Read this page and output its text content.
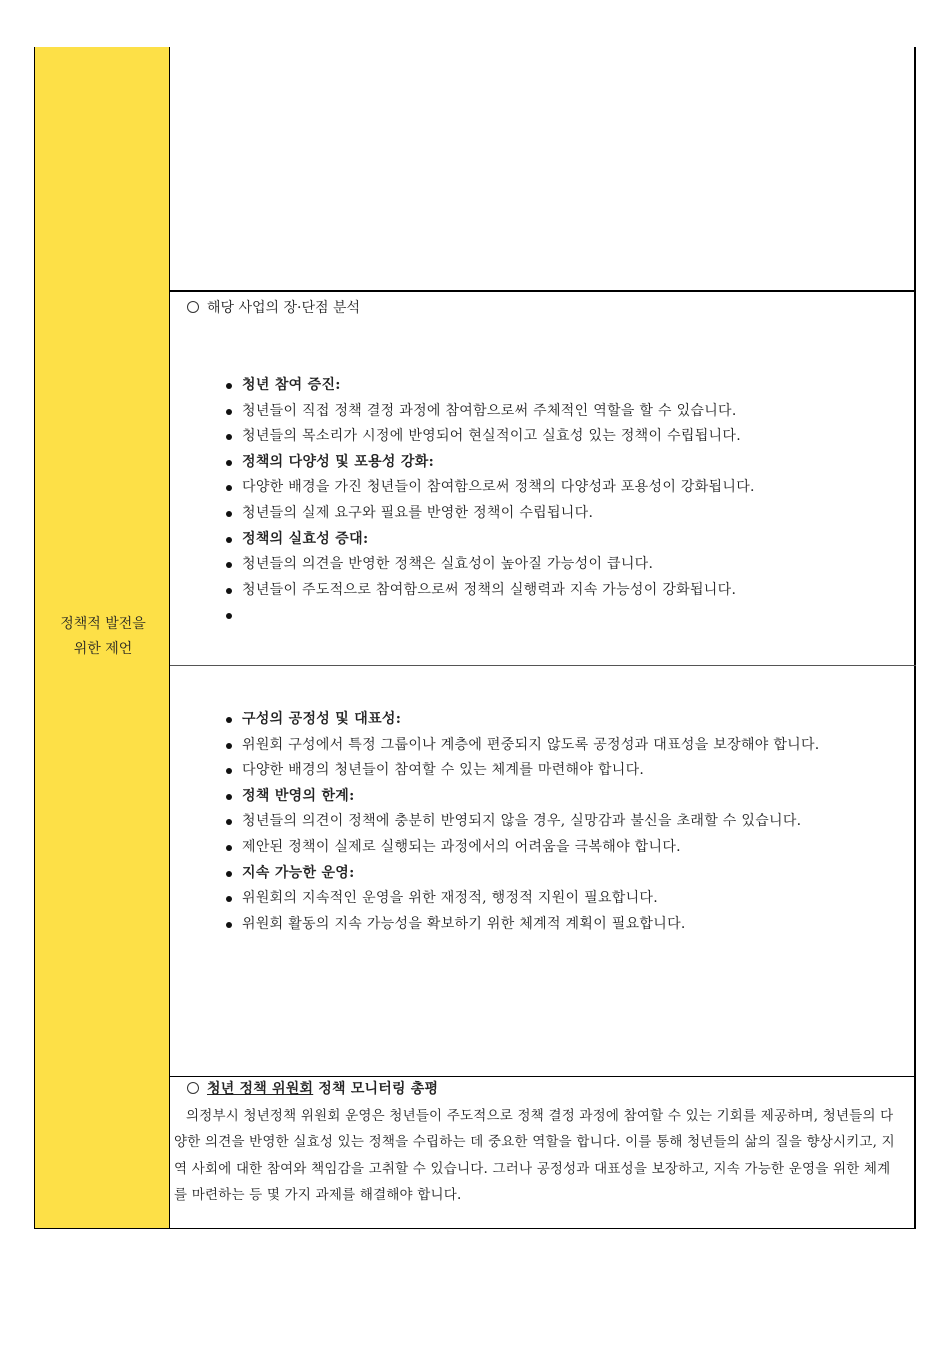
정책적 발전을
위한 제언
해당 사업의 장·단점 분석
청년 참여 증진:
청년들이 직접 정책 결정 과정에 참여함으로써 주체적인 역할을 할 수 있습니다.
청년들의 목소리가 시정에 반영되어 현실적이고 실효성 있는 정책이 수립됩니다.
정책의 다양성 및 포용성 강화:
다양한 배경을 가진 청년들이 참여함으로써 정책의 다양성과 포용성이 강화됩니다.
청년들의 실제 요구와 필요를 반영한 정책이 수립됩니다.
정책의 실효성 증대:
청년들의 의견을 반영한 정책은 실효성이 높아질 가능성이 큽니다.
청년들이 주도적으로 참여함으로써 정책의 실행력과 지속 가능성이 강화됩니다.
구성의 공정성 및 대표성:
위원회 구성에서 특정 그룹이나 계층에 편중되지 않도록 공정성과 대표성을 보장해야 합니다.
다양한 배경의 청년들이 참여할 수 있는 체계를 마련해야 합니다.
정책 반영의 한계:
청년들의 의견이 정책에 충분히 반영되지 않을 경우, 실망감과 불신을 초래할 수 있습니다.
제안된 정책이 실제로 실행되는 과정에서의 어려움을 극복해야 합니다.
지속 가능한 운영:
위원회의 지속적인 운영을 위한 재정적, 행정적 지원이 필요합니다.
위원회 활동의 지속 가능성을 확보하기 위한 체계적 계획이 필요합니다.
청년 정책 위원회 정책 모니터링 총평
의정부시 청년정책 위원회 운영은 청년들이 주도적으로 정책 결정 과정에 참여할 수 있는 기회를 제공하며, 청년들의 다양한 의견을 반영한 실효성 있는 정책을 수립하는 데 중요한 역할을 합니다. 이를 통해 청년들의 삶의 질을 향상시키고, 지역 사회에 대한 참여와 책임감을 고취할 수 있습니다. 그러나 공정성과 대표성을 보장하고, 지속 가능한 운영을 위한 체계를 마련하는 등 몇 가지 과제를 해결해야 합니다.
